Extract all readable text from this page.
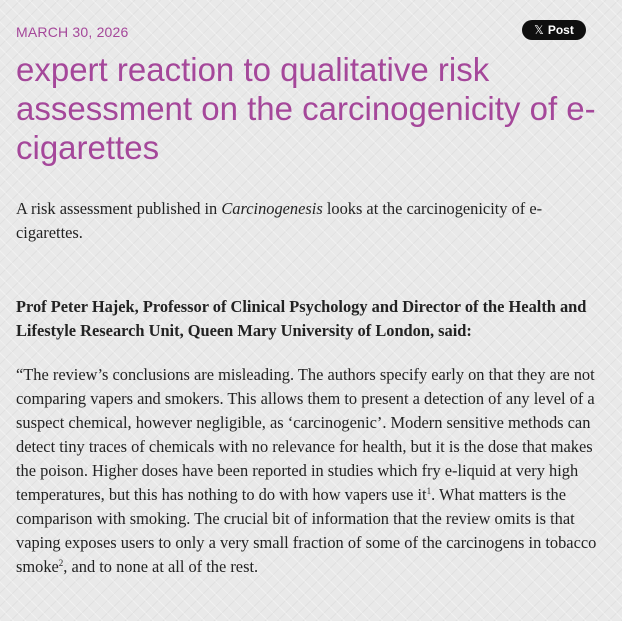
MARCH 30, 2026	𝕏 Post
expert reaction to qualitative risk assessment on the carcinogenicity of e-cigarettes

A risk assessment published in Carcinogenesis looks at the carcinogenicity of e-cigarettes.

Prof Peter Hajek, Professor of Clinical Psychology and Director of the Health and Lifestyle Research Unit, Queen Mary University of London, said:

“The review’s conclusions are misleading. The authors specify early on that they are not comparing vapers and smokers. This allows them to present a detection of any level of a suspect chemical, however negligible, as ‘carcinogenic’. Modern sensitive methods can detect tiny traces of chemicals with no relevance for health, but it is the dose that makes the poison. Higher doses have been reported in studies which fry e-liquid at very high temperatures, but this has nothing to do with how vapers use $it^1$. What matters is the comparison with smoking. The crucial bit of information that the review omits is that vaping exposes users to only a very small fraction of some of the carcinogens in tobacco smoke$^2$, and to none at all of the rest.
